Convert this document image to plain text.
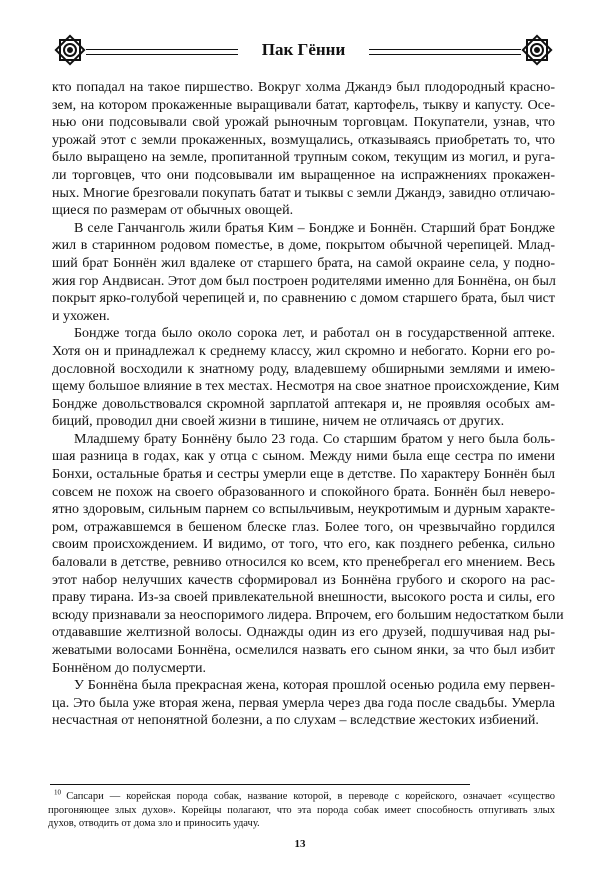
Пак Гённи
кто попадал на такое пиршество. Вокруг холма Джандэ был плодородный красно-
зем, на котором прокаженные выращивали батат, картофель, тыкву и капусту. Осе-
нью они подсовывали свой урожай рыночным торговцам. Покупатели, узнав, что
урожай этот с земли прокаженных, возмущались, отказываясь приобретать то, что
было выращено на земле, пропитанной трупным соком, текущим из могил, и руга-
ли торговцев, что они подсовывали им выращенное на испражнениях прокажен-
ных. Многие брезговали покупать батат и тыквы с земли Джандэ, завидно отличаю-
щиеся по размерам от обычных овощей.
В селе Ганчанголь жили братья Ким – Бондже и Боннён. Старший брат Бондже
жил в старинном родовом поместье, в доме, покрытом обычной черепицей. Млад-
ший брат Боннён жил вдалеке от старшего брата, на самой окраине села, у подно-
жия гор Андвисан. Этот дом был построен родителями именно для Боннёна, он был
покрыт ярко-голубой черепицей и, по сравнению с домом старшего брата, был чист
и ухожен.
Бондже тогда было около сорока лет, и работал он в государственной аптеке.
Хотя он и принадлежал к среднему классу, жил скромно и небогато. Корни его ро-
дословной восходили к знатному роду, владевшему обширными землями и имею-
щему большое влияние в тех местах. Несмотря на свое знатное происхождение, Ким
Бондже довольствовался скромной зарплатой аптекаря и, не проявляя особых ам-
биций, проводил дни своей жизни в тишине, ничем не отличаясь от других.
Младшему брату Боннёну было 23 года. Со старшим братом у него была боль-
шая разница в годах, как у отца с сыном. Между ними была еще сестра по имени
Бонхи, остальные братья и сестры умерли еще в детстве. По характеру Боннён был
совсем не похож на своего образованного и спокойного брата. Боннён был неверо-
ятно здоровым, сильным парнем со вспыльчивым, неукротимым и дурным характе-
ром, отражавшемся в бешеном блеске глаз. Более того, он чрезвычайно гордился
своим происхождением. И видимо, от того, что его, как позднего ребенка, сильно
баловали в детстве, ревниво относился ко всем, кто пренебрегал его мнением. Весь
этот набор нелучших качеств сформировал из Боннёна грубого и скорого на рас-
праву тирана. Из-за своей привлекательной внешности, высокого роста и силы, его
всюду признавали за неоспоримого лидера. Впрочем, его большим недостатком были
отдававшие желтизной волосы. Однажды один из его друзей, подшучивая над ры-
жеватыми волосами Боннёна, осмелился назвать его сыном янки, за что был избит
Боннёном до полусмерти.
У Боннёна была прекрасная жена, которая прошлой осенью родила ему первен-
ца. Это была уже вторая жена, первая умерла через два года после свадьбы. Умерла
несчастная от непонятной болезни, а по слухам – вследствие жестоких избиений.
$^{10}$  Сапсари — корейская порода собак, название которой, в переводе с корейского, означает «существо
прогоняющее злых духов». Корейцы полагают, что эта порода собак имеет способность отпугивать злых
духов, отводить от дома зло и приносить удачу.
13
